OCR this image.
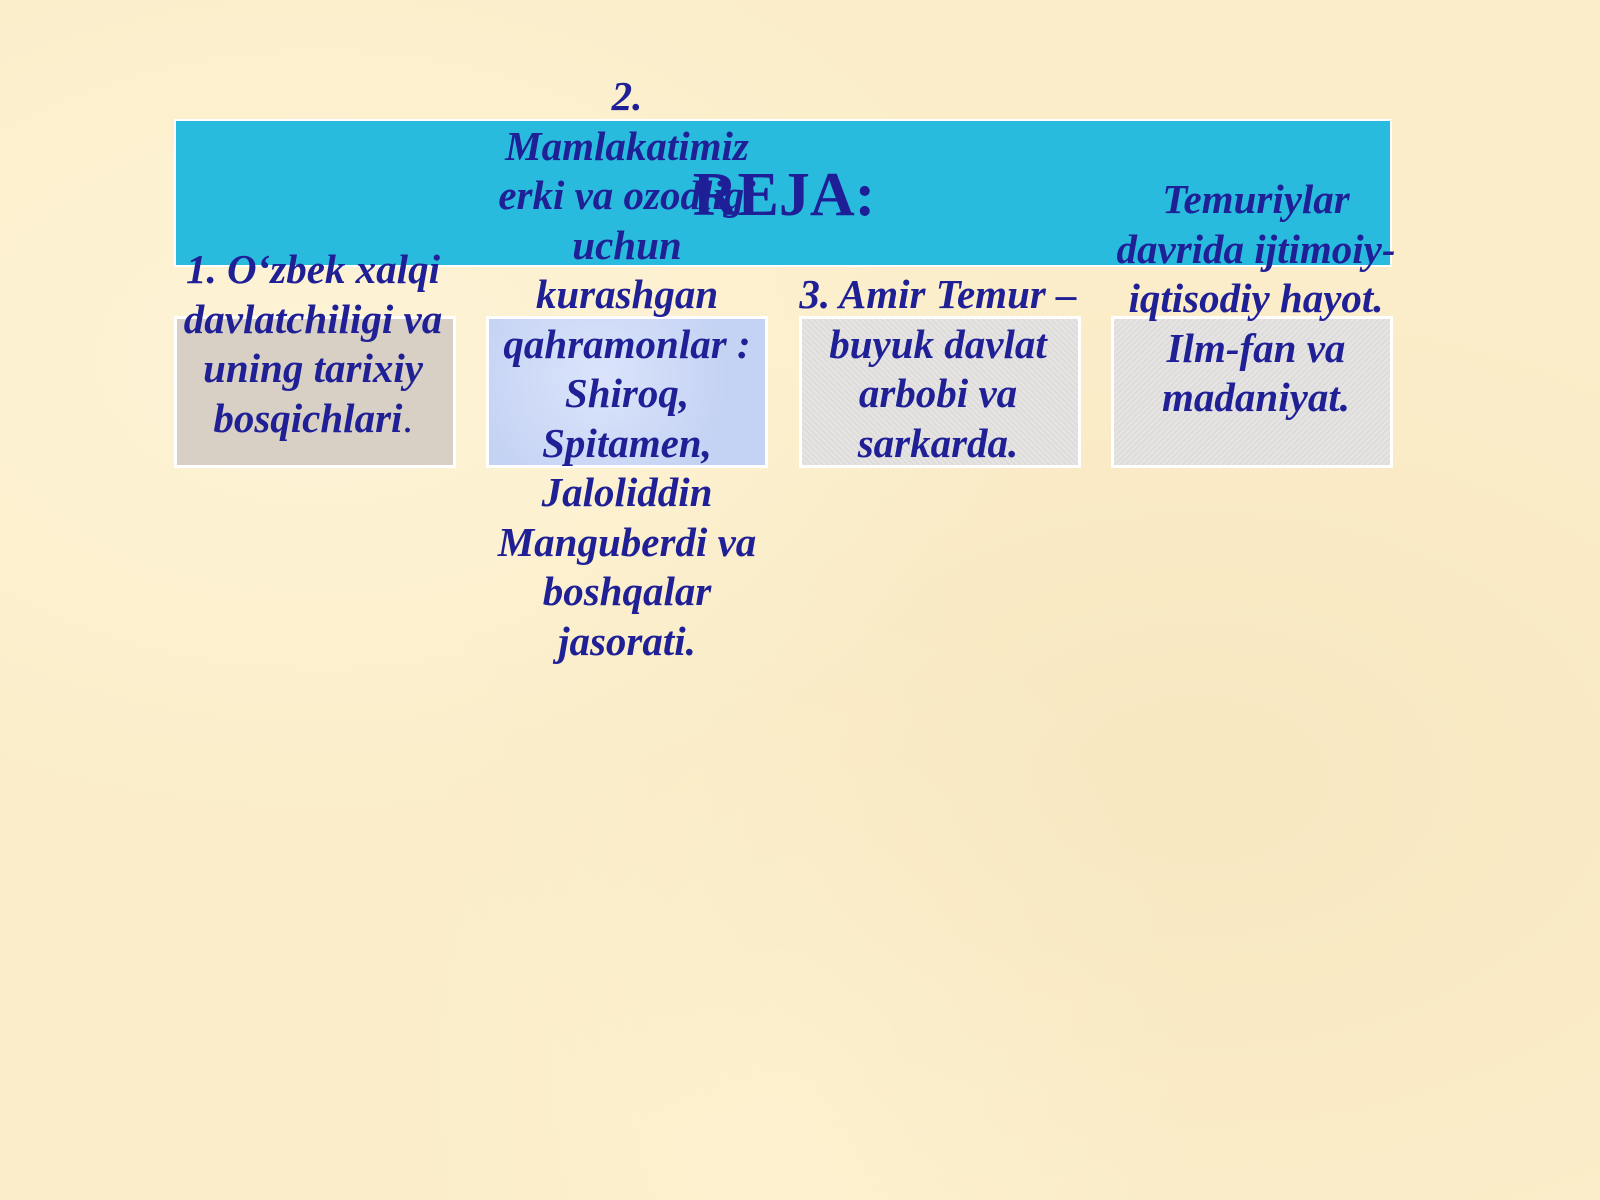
REJA:

1. O‘zbek xalqi davlatchiligi va uning tarixiy bosqichlari.

2. Mamlakatimiz erki va ozodligi uchun kurashgan qahramonlar : Shiroq, Spitamen, Jaloliddin Manguberdi va boshqalar jasorati.

3. Amir Temur – buyuk davlat arbobi va sarkarda.

Temuriylar davrida ijtimoiy-iqtisodiy hayot. Ilm-fan va madaniyat.
